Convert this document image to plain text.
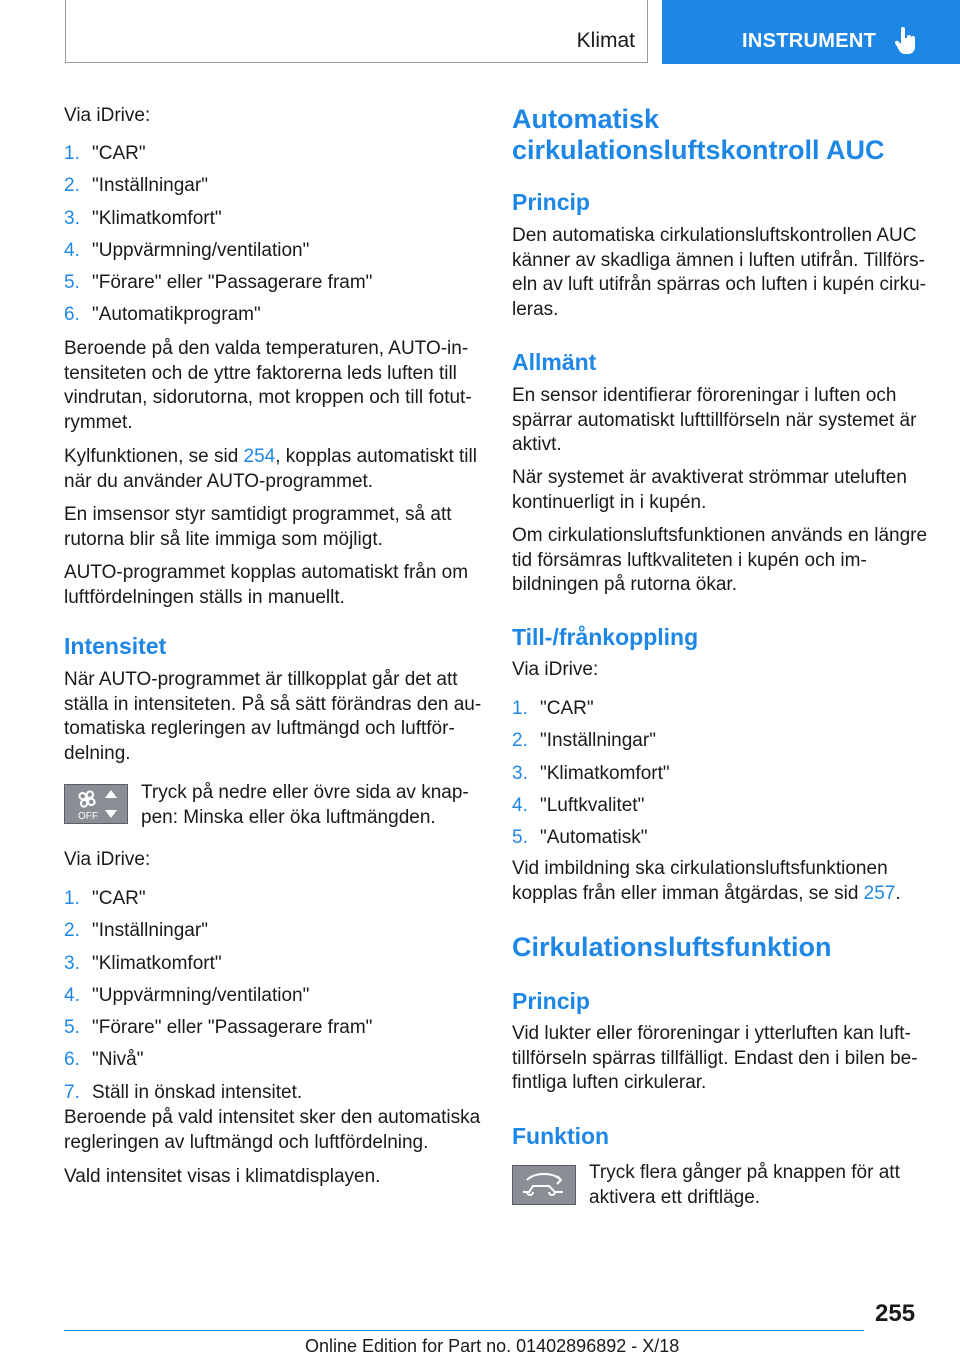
Klimat	INSTRUMENT

Via iDrive:

1. "CAR"
2. "Inställningar"
3. "Klimatkomfort"
4. "Uppvärmning/ventilation"
5. "Förare" eller "Passagerare fram"
6. "Automatikprogram"

Beroende på den valda temperaturen, AUTO-intensiteten och de yttre faktorerna leds luften till vindrutan, sidorutorna, mot kroppen och till fotutrymmet.

Kylfunktionen, se sid 254, kopplas automatiskt till när du använder AUTO-programmet.

En imsensor styr samtidigt programmet, så att rutorna blir så lite immiga som möjligt.

AUTO-programmet kopplas automatiskt från om luftfördelningen ställs in manuellt.

Intensitet

När AUTO-programmet är tillkopplat går det att ställa in intensiteten. På så sätt förändras den automatiska regleringen av luftmängd och luftfördelning.

OFF

Tryck på nedre eller övre sida av knappen: Minska eller öka luftmängden.

Via iDrive:

1. "CAR"
2. "Inställningar"
3. "Klimatkomfort"
4. "Uppvärmning/ventilation"
5. "Förare" eller "Passagerare fram"
6. "Nivå"
7. Ställ in önskad intensitet.

Beroende på vald intensitet sker den automatiska regleringen av luftmängd och luftfördelning.

Vald intensitet visas i klimatdisplayen.

Automatisk cirkulationsluftskontroll AUC
Princip

Den automatiska cirkulationsluftskontrollen AUC känner av skadliga ämnen i luften utifrån. Tillförseln av luft utifrån spärras och luften i kupén cirkuleras.

Allmänt

En sensor identifierar föroreningar i luften och spärrar automatiskt lufttillförseln när systemet är aktivt.

När systemet är avaktiverat strömmar uteluften kontinuerligt in i kupén.

Om cirkulationsluftsfunktionen används en längre tid försämras luftkvaliteten i kupén och imbildningen på rutorna ökar.

Till-/frånkoppling

Via iDrive:

1. "CAR"
2. "Inställningar"
3. "Klimatkomfort"
4. "Luftkvalitet"
5. "Automatisk"

Vid imbildning ska cirkulationsluftsfunktionen kopplas från eller imman åtgärdas, se sid 257.

Cirkulationsluftsfunktion
Princip

Vid lukter eller föroreningar i ytterluften kan lufttillförseln spärras tillfälligt. Endast den i bilen befintliga luften cirkulerar.

Funktion

Tryck flera gånger på knappen för att aktivera ett driftläge.

255
Online Edition for Part no. 01402896892 - X/18
